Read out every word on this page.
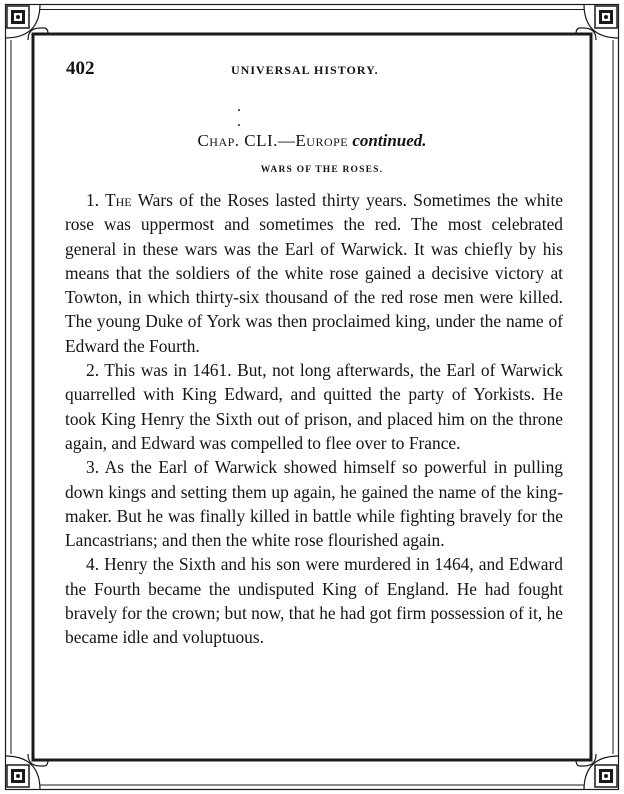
402	UNIVERSAL HISTORY.
. .
Chap. CLI.—Europe continued.
WARS OF THE ROSES.

1. The Wars of the Roses lasted thirty years. Sometimes the white rose was uppermost and sometimes the red. The most celebrated general in these wars was the Earl of Warwick. It was chiefly by his means that the soldiers of the white rose gained a decisive victory at Towton, in which thirty-six thousand of the red rose men were killed. The young Duke of York was then proclaimed king, under the name of Edward the Fourth.

2. This was in 1461. But, not long afterwards, the Earl of Warwick quarrelled with King Edward, and quitted the party of Yorkists. He took King Henry the Sixth out of prison, and placed him on the throne again, and Edward was compelled to flee over to France.

3. As the Earl of Warwick showed himself so powerful in pulling down kings and setting them up again, he gained the name of the king-maker. But he was finally killed in battle while fighting bravely for the Lancastrians; and then the white rose flourished again.

4. Henry the Sixth and his son were murdered in 1464, and Edward the Fourth became the undisputed King of England. He had fought bravely for the crown; but now, that he had got firm possession of it, he became idle and voluptuous.
